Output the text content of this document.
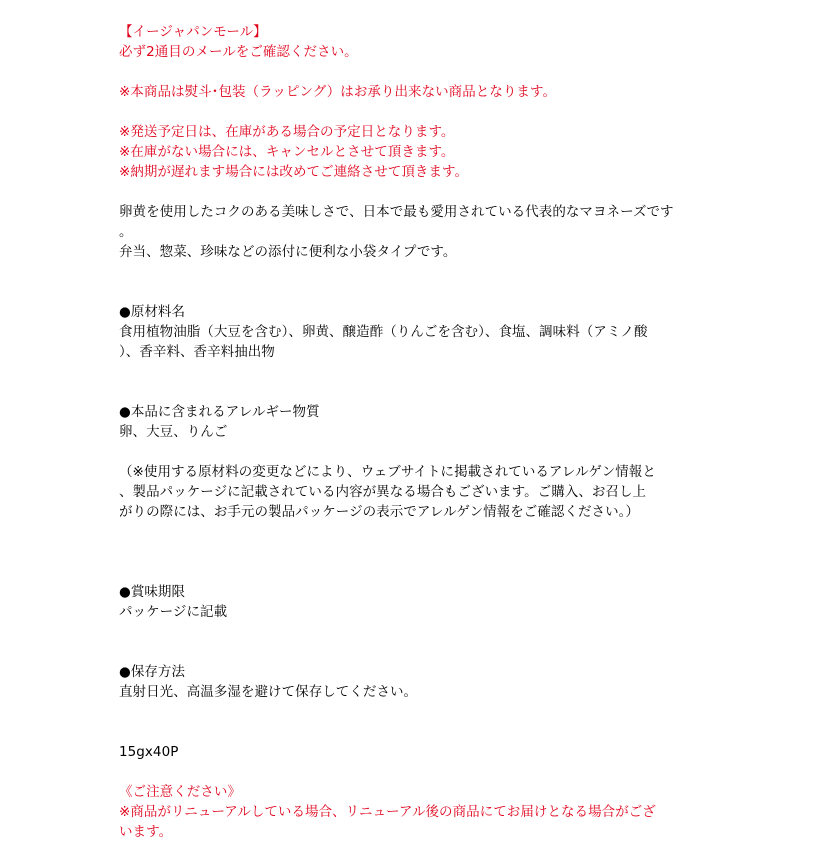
【イージャパンモール】
必ず2通目のメールをご確認ください。
※本商品は熨斗･包装（ラッピング）はお承り出来ない商品となります。
※発送予定日は、在庫がある場合の予定日となります。
※在庫がない場合には、キャンセルとさせて頂きます。
※納期が遅れます場合には改めてご連絡させて頂きます。
卵黄を使用したコクのある美味しさで、日本で最も愛用されている代表的なマヨネーズです
。
弁当、惣菜、珍味などの添付に便利な小袋タイプです。
●原材料名
食用植物油脂（大豆を含む）、卵黄、醸造酢（りんごを含む）、食塩、調味料（アミノ酸
）、香辛料、香辛料抽出物
●本品に含まれるアレルギー物質
卵、大豆、りんご
（※使用する原材料の変更などにより、ウェブサイトに掲載されているアレルゲン情報と
、製品パッケージに記載されている内容が異なる場合もございます。ご購入、お召し上
がりの際には、お手元の製品パッケージの表示でアレルゲン情報をご確認ください。）
●賞味期限
パッケージに記載
●保存方法
直射日光、高温多湿を避けて保存してください。
15gx40P
《ご注意ください》
※商品がリニューアルしている場合、リニューアル後の商品にてお届けとなる場合がござ
います。
